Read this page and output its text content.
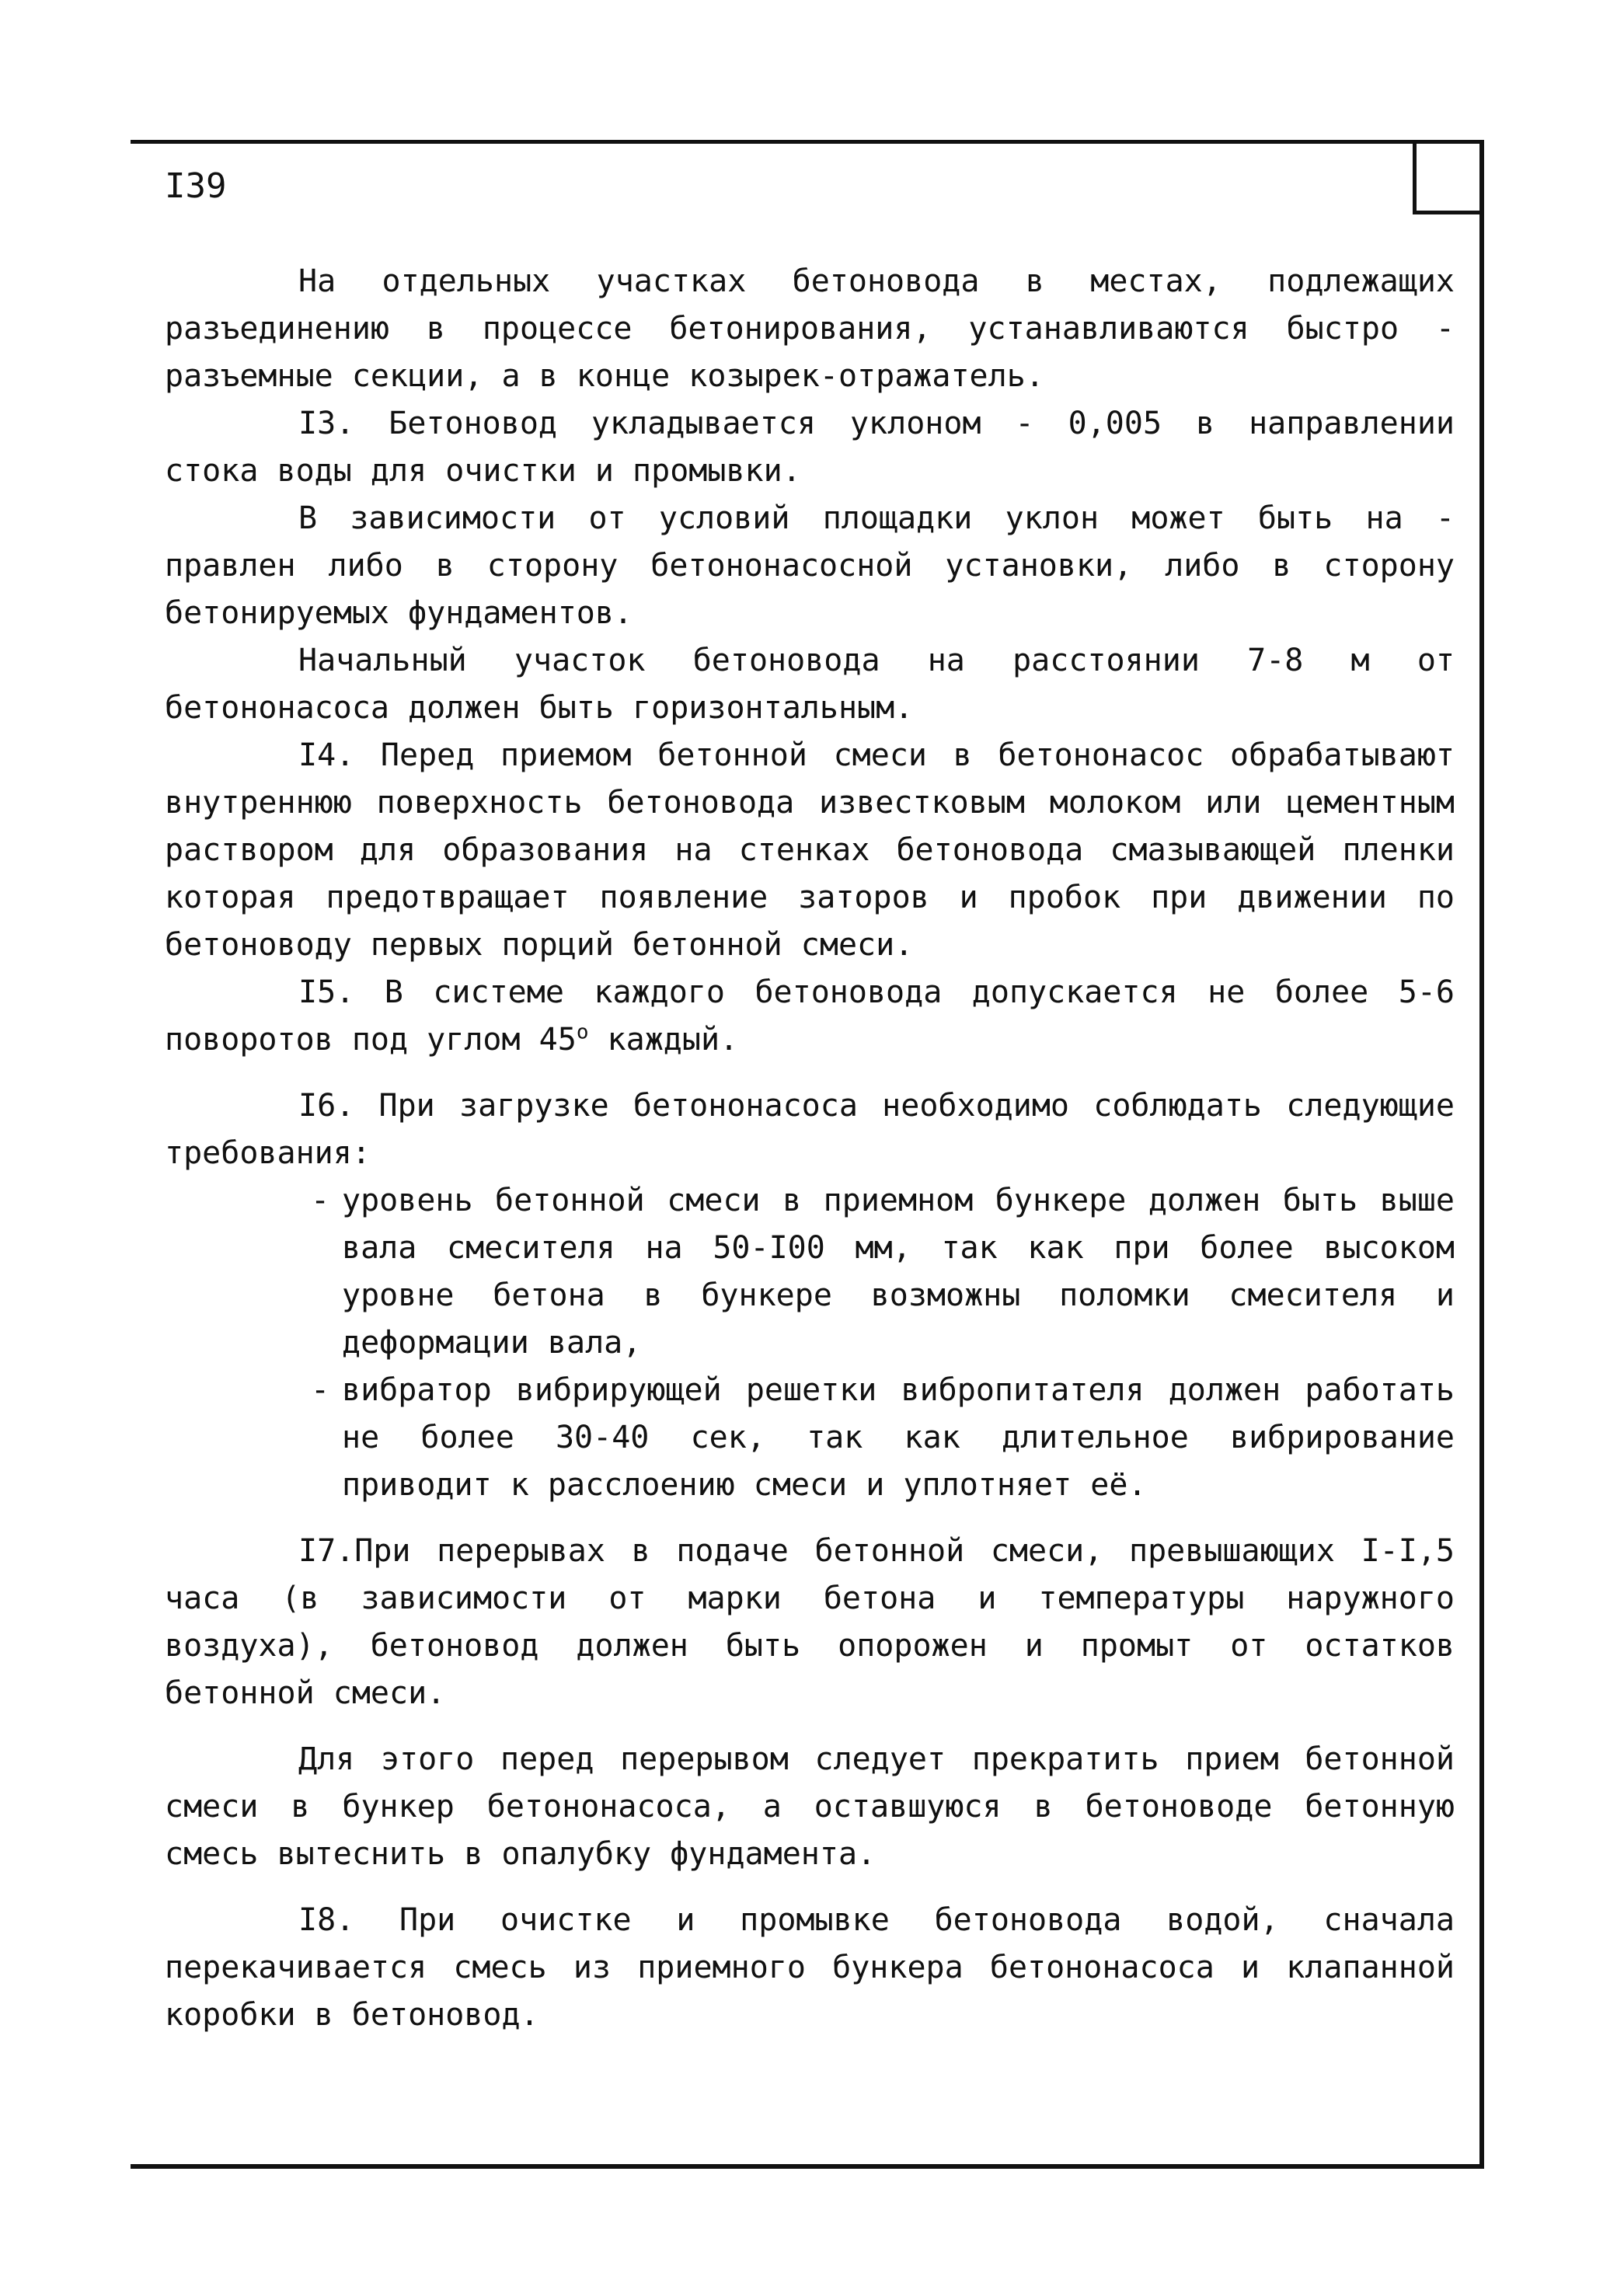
I39

На отдельных участках бетоновода в местах, подлежащих разъединению в процессе бетонирования, устанавливаются быстро - разъемные секции, а в конце козырек-отражатель.

I3. Бетоновод укладывается уклоном - 0,005 в направлении стока воды для очистки и промывки.

В зависимости от условий площадки уклон может быть на - правлен либо в сторону бетононасосной установки, либо в сторону бетонируемых фундаментов.

Начальный участок бетоновода на расстоянии 7-8 м от бетононасоса должен быть горизонтальным.

I4. Перед приемом бетонной смеси в бетононасос обрабатывают внутреннюю поверхность бетоновода известковым молоком или цементным раствором для образования на стенках бетоновода смазывающей пленки которая предотвращает появление заторов и пробок при движении по бетоноводу первых порций бетонной смеси.

I5. В системе каждого бетоновода допускается не более 5-6 поворотов под углом $45^о$ каждый.

I6. При загрузке бетононасоса необходимо соблюдать следующие требования:

- уровень бетонной смеси в приемном бункере должен быть выше вала смесителя на 50-I00 мм, так как при более высоком уровне бетона в бункере возможны поломки смесителя и деформации вала,
- вибратор вибрирующей решетки вибропитателя должен работать не более 30-40 сек, так как длительное вибрирование приводит к расслоению смеси и уплотняет её.

I7.При перерывах в подаче бетонной смеси, превышающих I-I,5 часа (в зависимости от марки бетона и температуры наружного воздуха), бетоновод должен быть опорожен и промыт от остатков бетонной смеси.

Для этого перед перерывом следует прекратить прием бетонной смеси в бункер бетононасоса, а оставшуюся в бетоноводе бетонную смесь вытеснить в опалубку фундамента.

I8. При очистке и промывке бетоновода водой, сначала перекачивается смесь из приемного бункера бетононасоса и клапанной коробки в бетоновод.
